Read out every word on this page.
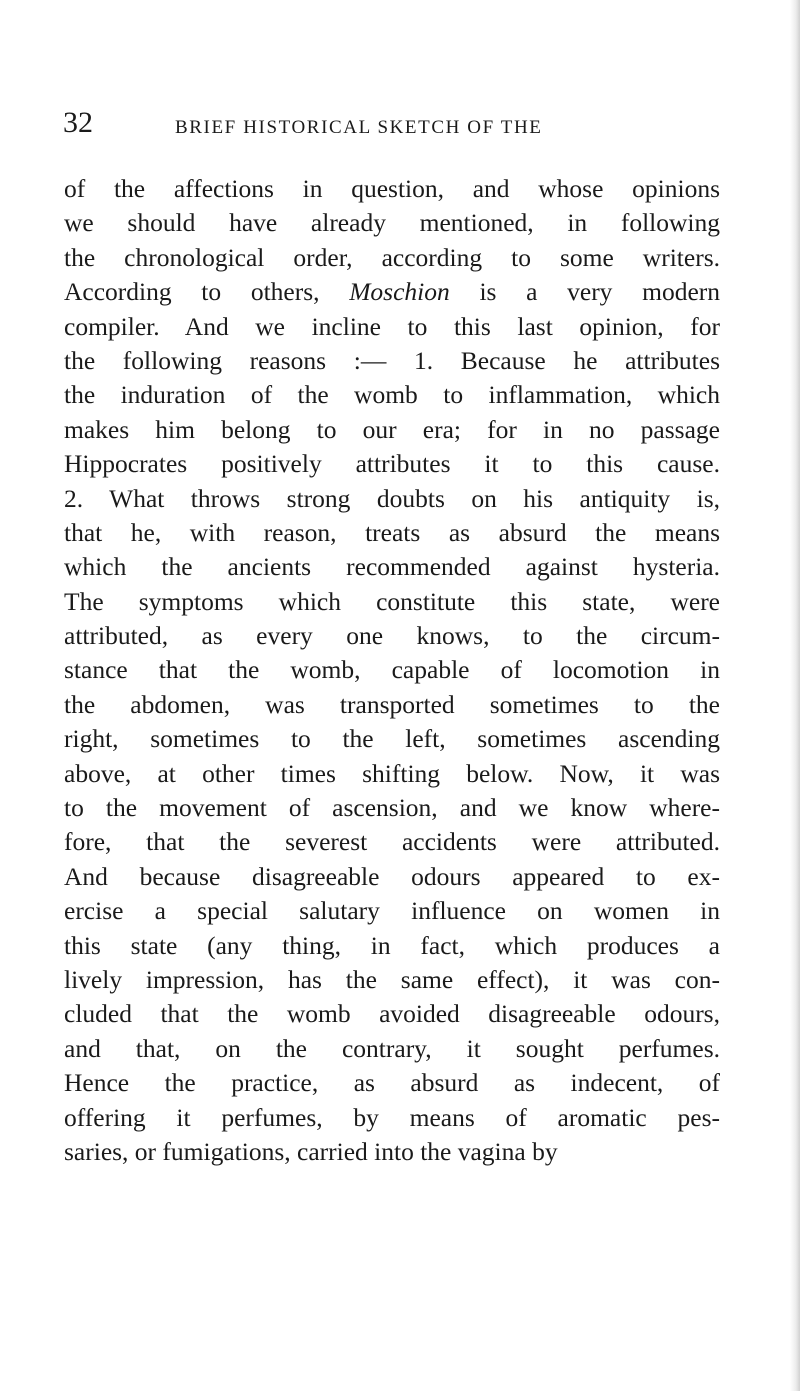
32	BRIEF HISTORICAL SKETCH OF THE
of the affections in question, and whose opinions
we should have already mentioned, in following
the chronological order, according to some writers.
According to others, Moschion is a very modern
compiler. And we incline to this last opinion, for
the following reasons :— 1. Because he attributes
the induration of the womb to inflammation, which
makes him belong to our era; for in no passage
Hippocrates positively attributes it to this cause.
2. What throws strong doubts on his antiquity is,
that he, with reason, treats as absurd the means
which the ancients recommended against hysteria.
The symptoms which constitute this state, were
attributed, as every one knows, to the circum-
stance that the womb, capable of locomotion in
the abdomen, was transported sometimes to the
right, sometimes to the left, sometimes ascending
above, at other times shifting below. Now, it was
to the movement of ascension, and we know where-
fore, that the severest accidents were attributed.
And because disagreeable odours appeared to ex-
ercise a special salutary influence on women in
this state (any thing, in fact, which produces a
lively impression, has the same effect), it was con-
cluded that the womb avoided disagreeable odours,
and that, on the contrary, it sought perfumes.
Hence the practice, as absurd as indecent, of
offering it perfumes, by means of aromatic pes-
saries, or fumigations, carried into the vagina by
